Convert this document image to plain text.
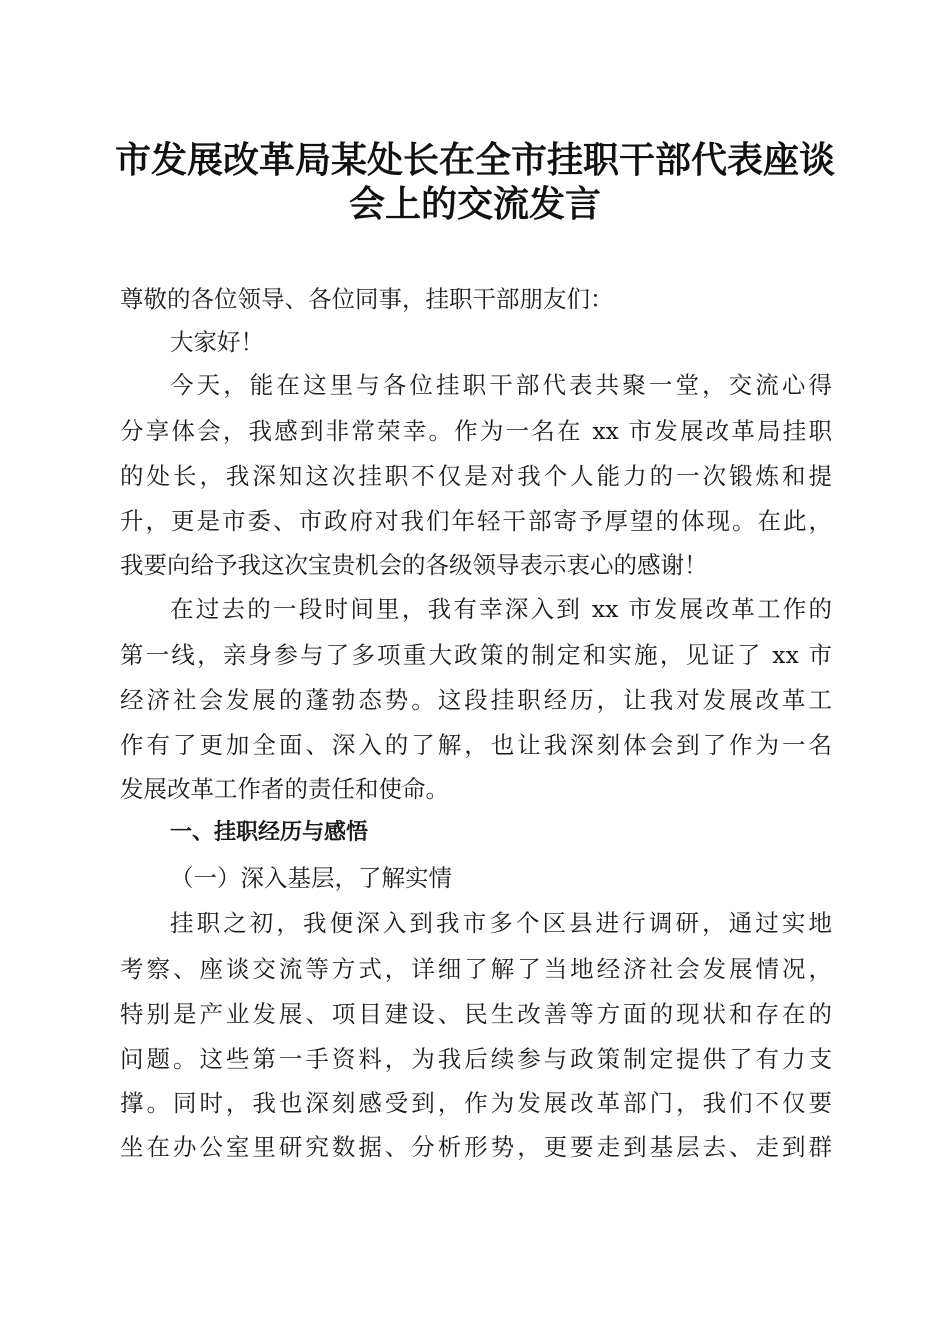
市发展改革局某处长在全市挂职干部代表座谈
会上的交流发言
尊敬的各位领导、各位同事，挂职干部朋友们：
大家好！
今天，能在这里与各位挂职干部代表共聚一堂，交流心得
分享体会，我感到非常荣幸。作为一名在 xx 市发展改革局挂职
的处长，我深知这次挂职不仅是对我个人能力的一次锻炼和提
升，更是市委、市政府对我们年轻干部寄予厚望的体现。在此，
我要向给予我这次宝贵机会的各级领导表示衷心的感谢！
在过去的一段时间里，我有幸深入到 xx 市发展改革工作的
第一线，亲身参与了多项重大政策的制定和实施，见证了 xx 市
经济社会发展的蓬勃态势。这段挂职经历，让我对发展改革工
作有了更加全面、深入的了解，也让我深刻体会到了作为一名
发展改革工作者的责任和使命。
一、挂职经历与感悟
（一）深入基层，了解实情
挂职之初，我便深入到我市多个区县进行调研，通过实地
考察、座谈交流等方式，详细了解了当地经济社会发展情况，
特别是产业发展、项目建设、民生改善等方面的现状和存在的
问题。这些第一手资料，为我后续参与政策制定提供了有力支
撑。同时，我也深刻感受到，作为发展改革部门，我们不仅要
坐在办公室里研究数据、分析形势，更要走到基层去、走到群
